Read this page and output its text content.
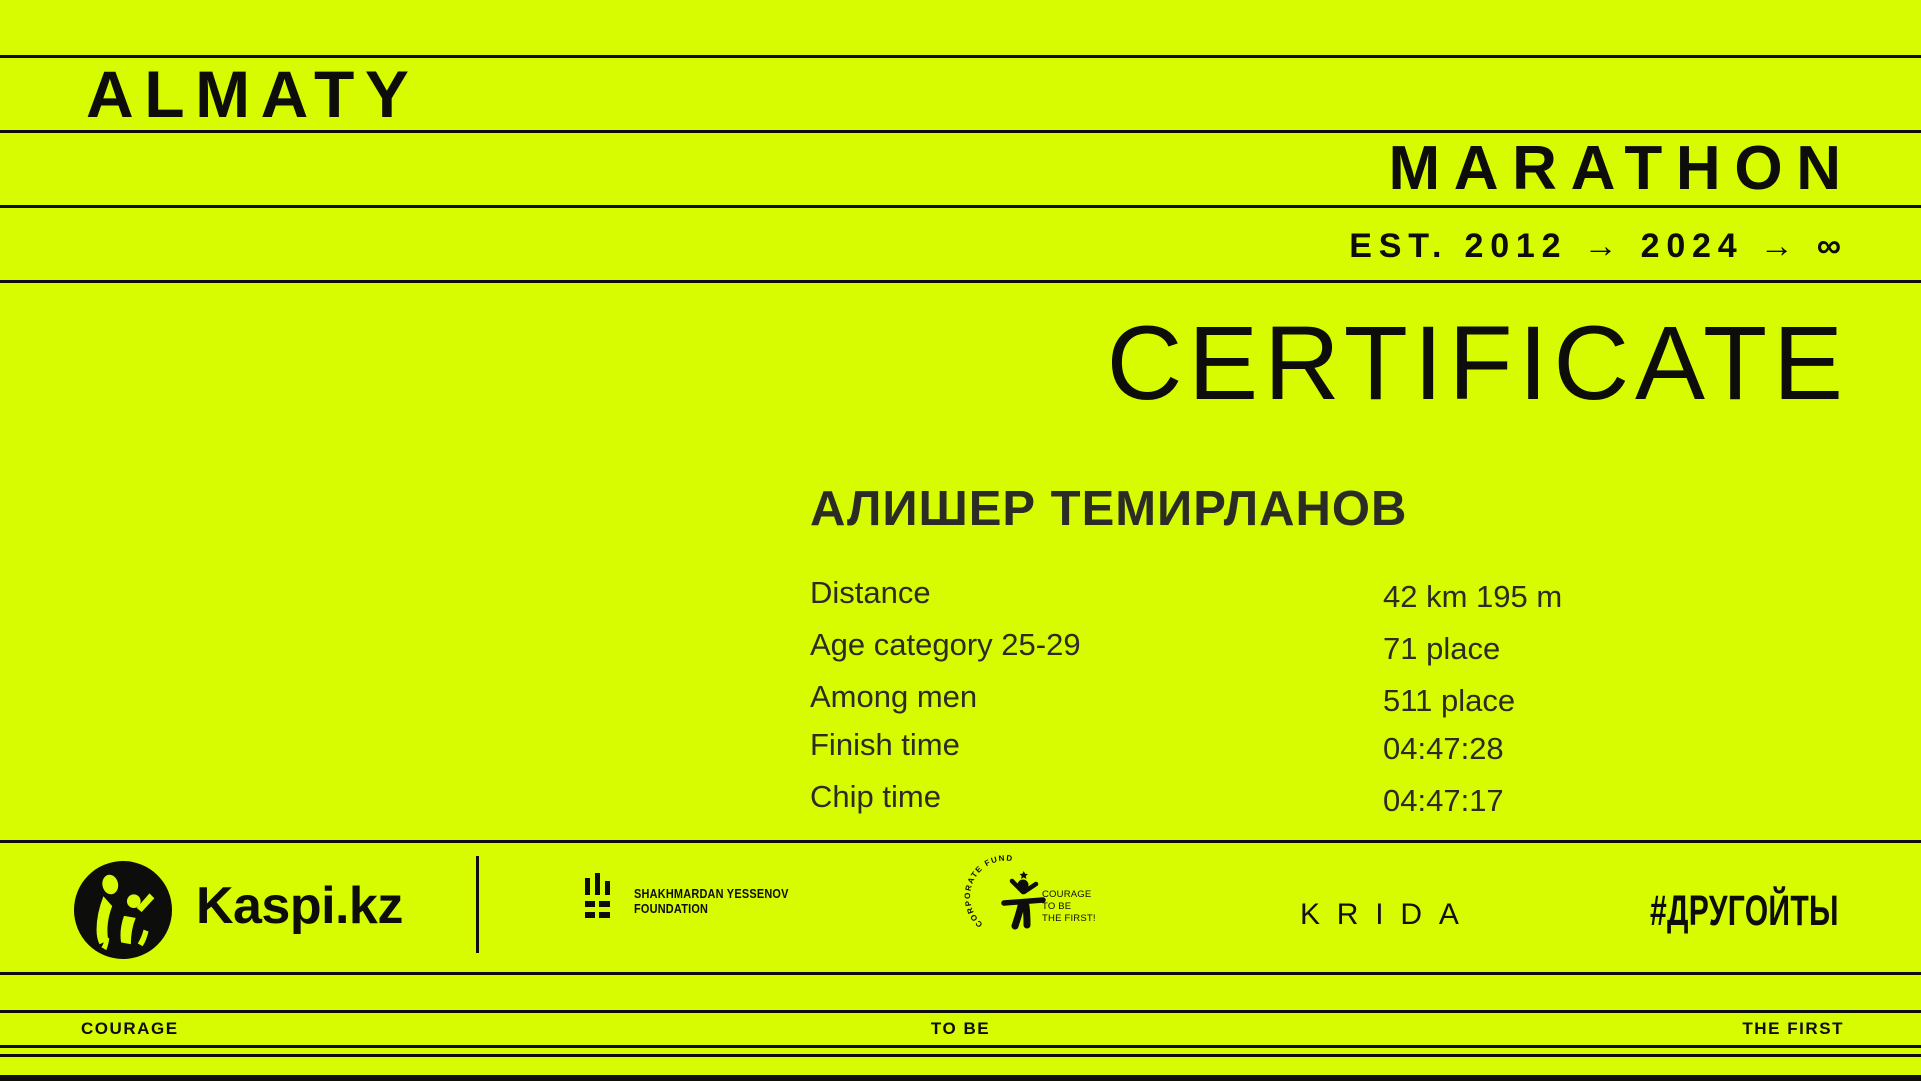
ALMATY
MARATHON
EST. 2012 → 2024 → ∞
CERTIFICATE
АЛИШЕР ТЕМИРЛАНОВ
Distance	42 km 195 m
Age category 25-29	71 place
Among men	511 place
Finish time	04:47:28
Chip time	04:47:17
Kaspi.kz	SHAKHMARDAN YESSENOV
FOUNDATION
CORPORATE FUND
COURAGE
TO BE
THE FIRST!	KRIDA	#ДРУГОЙТЫ
COURAGE	TO BE	THE FIRST
